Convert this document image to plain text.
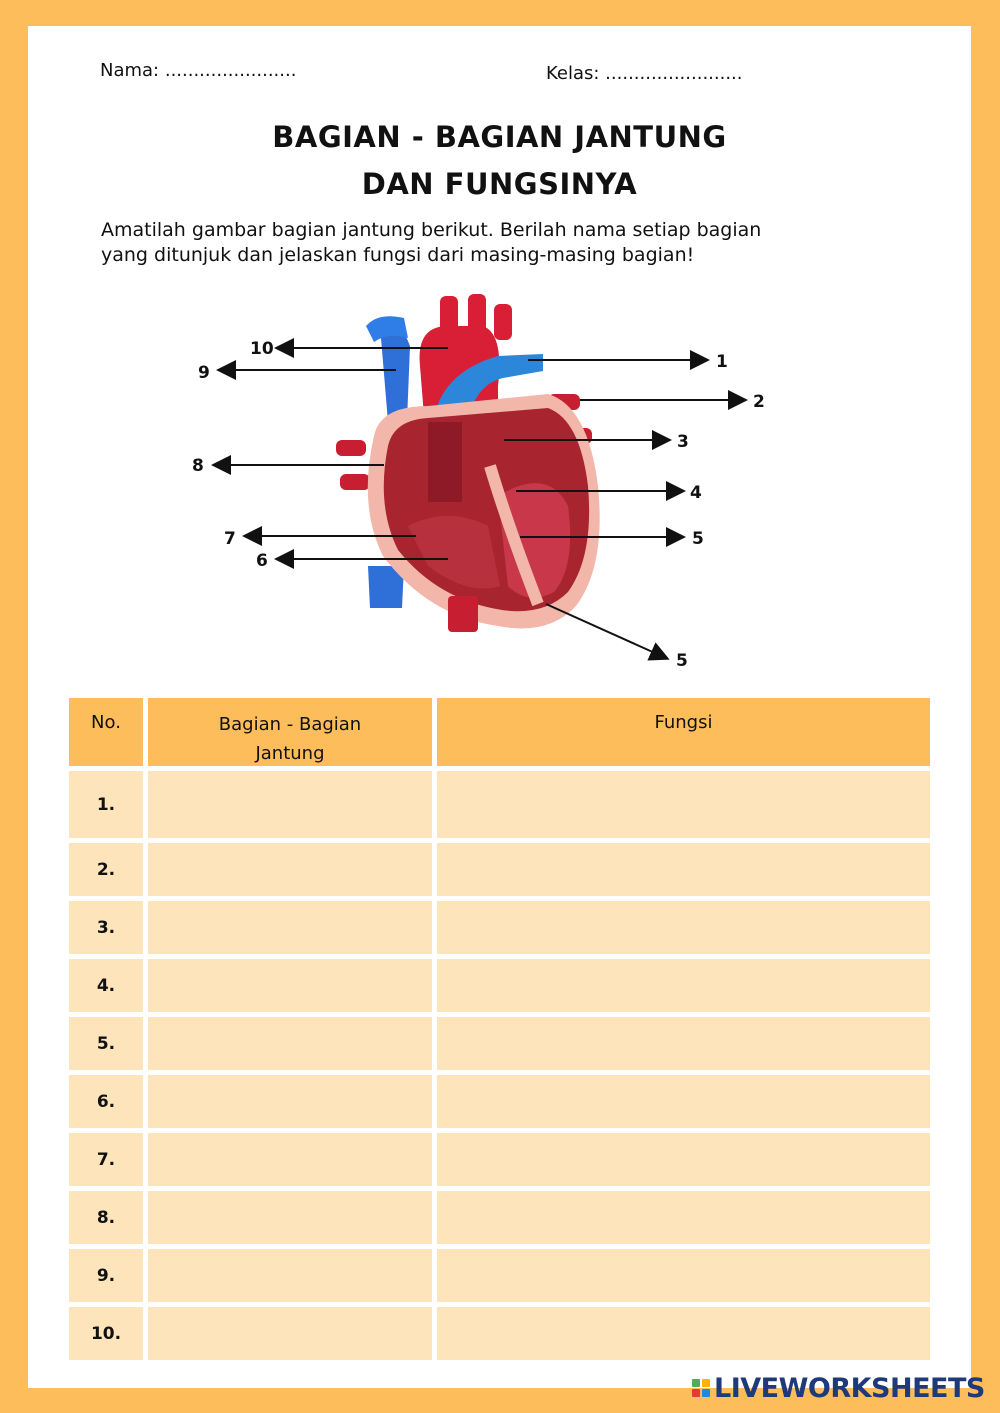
Nama: .......................	Kelas: ........................
BAGIAN - BAGIAN JANTUNG
DAN FUNGSINYA
Amatilah gambar bagian jantung berikut. Berilah nama setiap bagian
yang ditunjuk dan jelaskan fungsi dari masing-masing bagian!
10
9
8
7
6
1
2
3
4
5
5
No.	Bagian - Bagian
Jantung
Fungsi
1.
2.
3.
4.
5.
6.
7.
8.
9.
10.
LIVEWORKSHEETS
